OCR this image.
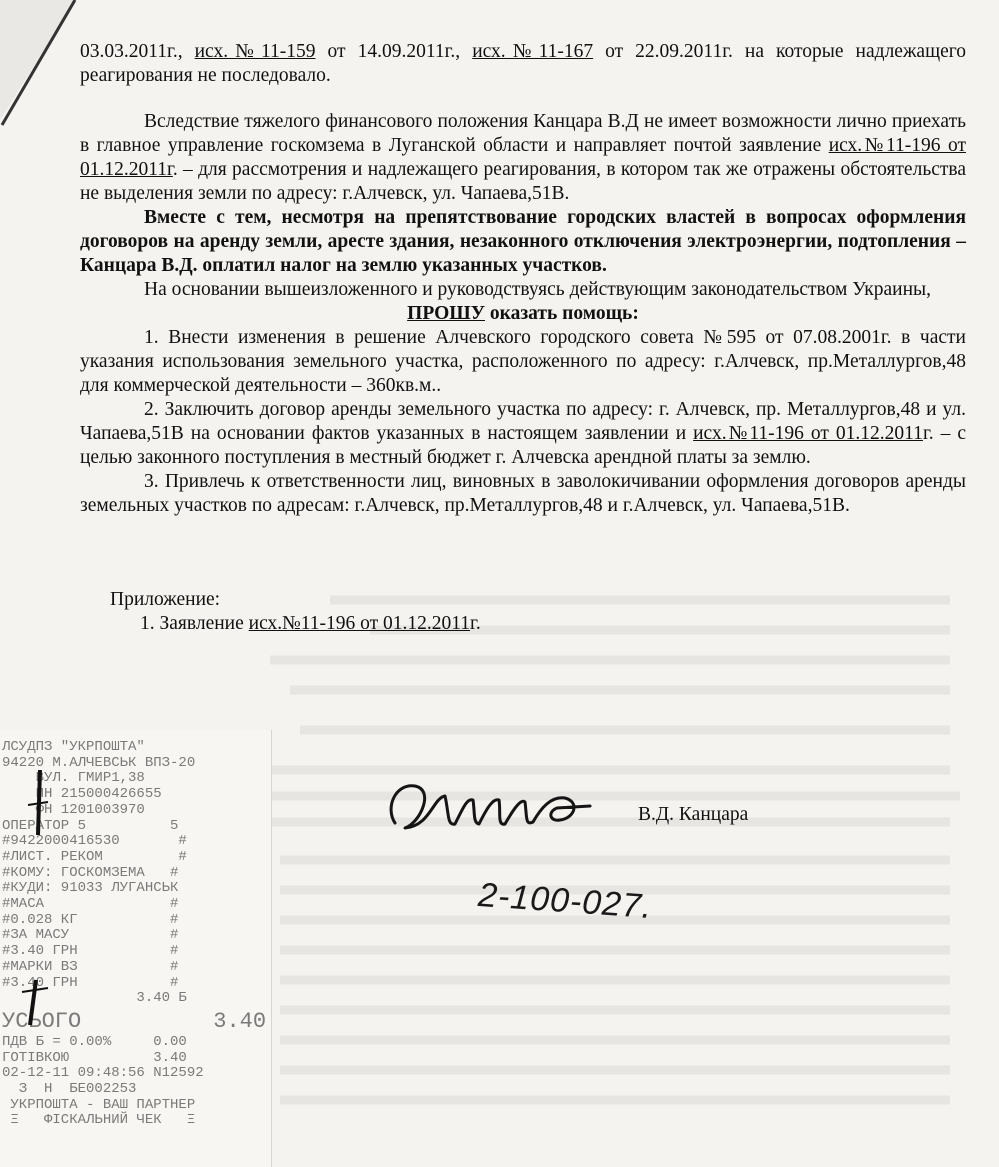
03.03.2011г., исх.№11-159 от 14.09.2011г., исх.№11-167 от 22.09.2011г. на которые надлежащего реагирования не последовало.

Вследствие тяжелого финансового положения Канцара В.Д не имеет возможности лично приехать в главное управление госкомзема в Луганской области и направляет почтой заявление исх.№11-196 от 01.12.2011г. – для рассмотрения и надлежащего реагирования, в котором так же отражены обстоятельства не выделения земли по адресу: г.Алчевск, ул. Чапаева,51В.

Вместе с тем, несмотря на препятствование городских властей в вопросах оформления договоров на аренду земли, аресте здания, незаконного отключения электроэнергии, подтопления – Канцара В.Д. оплатил налог на землю указанных участков.

На основании вышеизложенного и руководствуясь действующим законодательством Украины,

ПРОШУ оказать помощь:

1. Внести изменения в решение Алчевского городского совета №595 от 07.08.2001г. в части указания использования земельного участка, расположенного по адресу: г.Алчевск, пр.Металлургов,48 для коммерческой деятельности – 360кв.м..

2. Заключить договор аренды земельного участка по адресу: г. Алчевск, пр. Металлургов,48 и ул. Чапаева,51В на основании фактов указанных в настоящем заявлении и исх.№11-196 от 01.12.2011г. – с целью законного поступления в местный бюджет г. Алчевска арендной платы за землю.

3. Привлечь к ответственности лиц, виновных в заволокичивании оформления договоров аренды земельных участков по адресам: г.Алчевск, пр.Металлургов,48 и г.Алчевск, ул. Чапаева,51В.

Приложение:

1. Заявление исх.№11-196 от 01.12.2011г.

В.Д. Канцара
2-100-027.
ЛСУДПЗ "УКРПОШТА"
94220 М.АЛЧЕВСЬК ВПЗ-20
ВУЛ. ГМИР1,38
ПН 215000426655
ФН 1201003970
ОПЕРАТОР 5          5
#9422000416530       #
#ЛИСТ. РЕКОМ         #
#КОМУ: ГОСКОМЗЕМА   #
#КУДИ: 91033 ЛУГАНСЬК
#МАСА               #
#0.028 КГ           #
#ЗА МАСУ            #
#3.40 ГРН           #
#МАРКИ ВЗ           #
#3.40 ГРН           #
3.40 Б
УСЬОГО	3.40
ПДВ Б = 0.00%     0.00
ГОТІВКОЮ          3.40
02-12-11 09:48:56 N12592
З  Н  БЕ002253
УКРПОШТА - ВАШ ПАРТНЕР
Ξ   ФІСКАЛЬНИЙ ЧЕК   Ξ
